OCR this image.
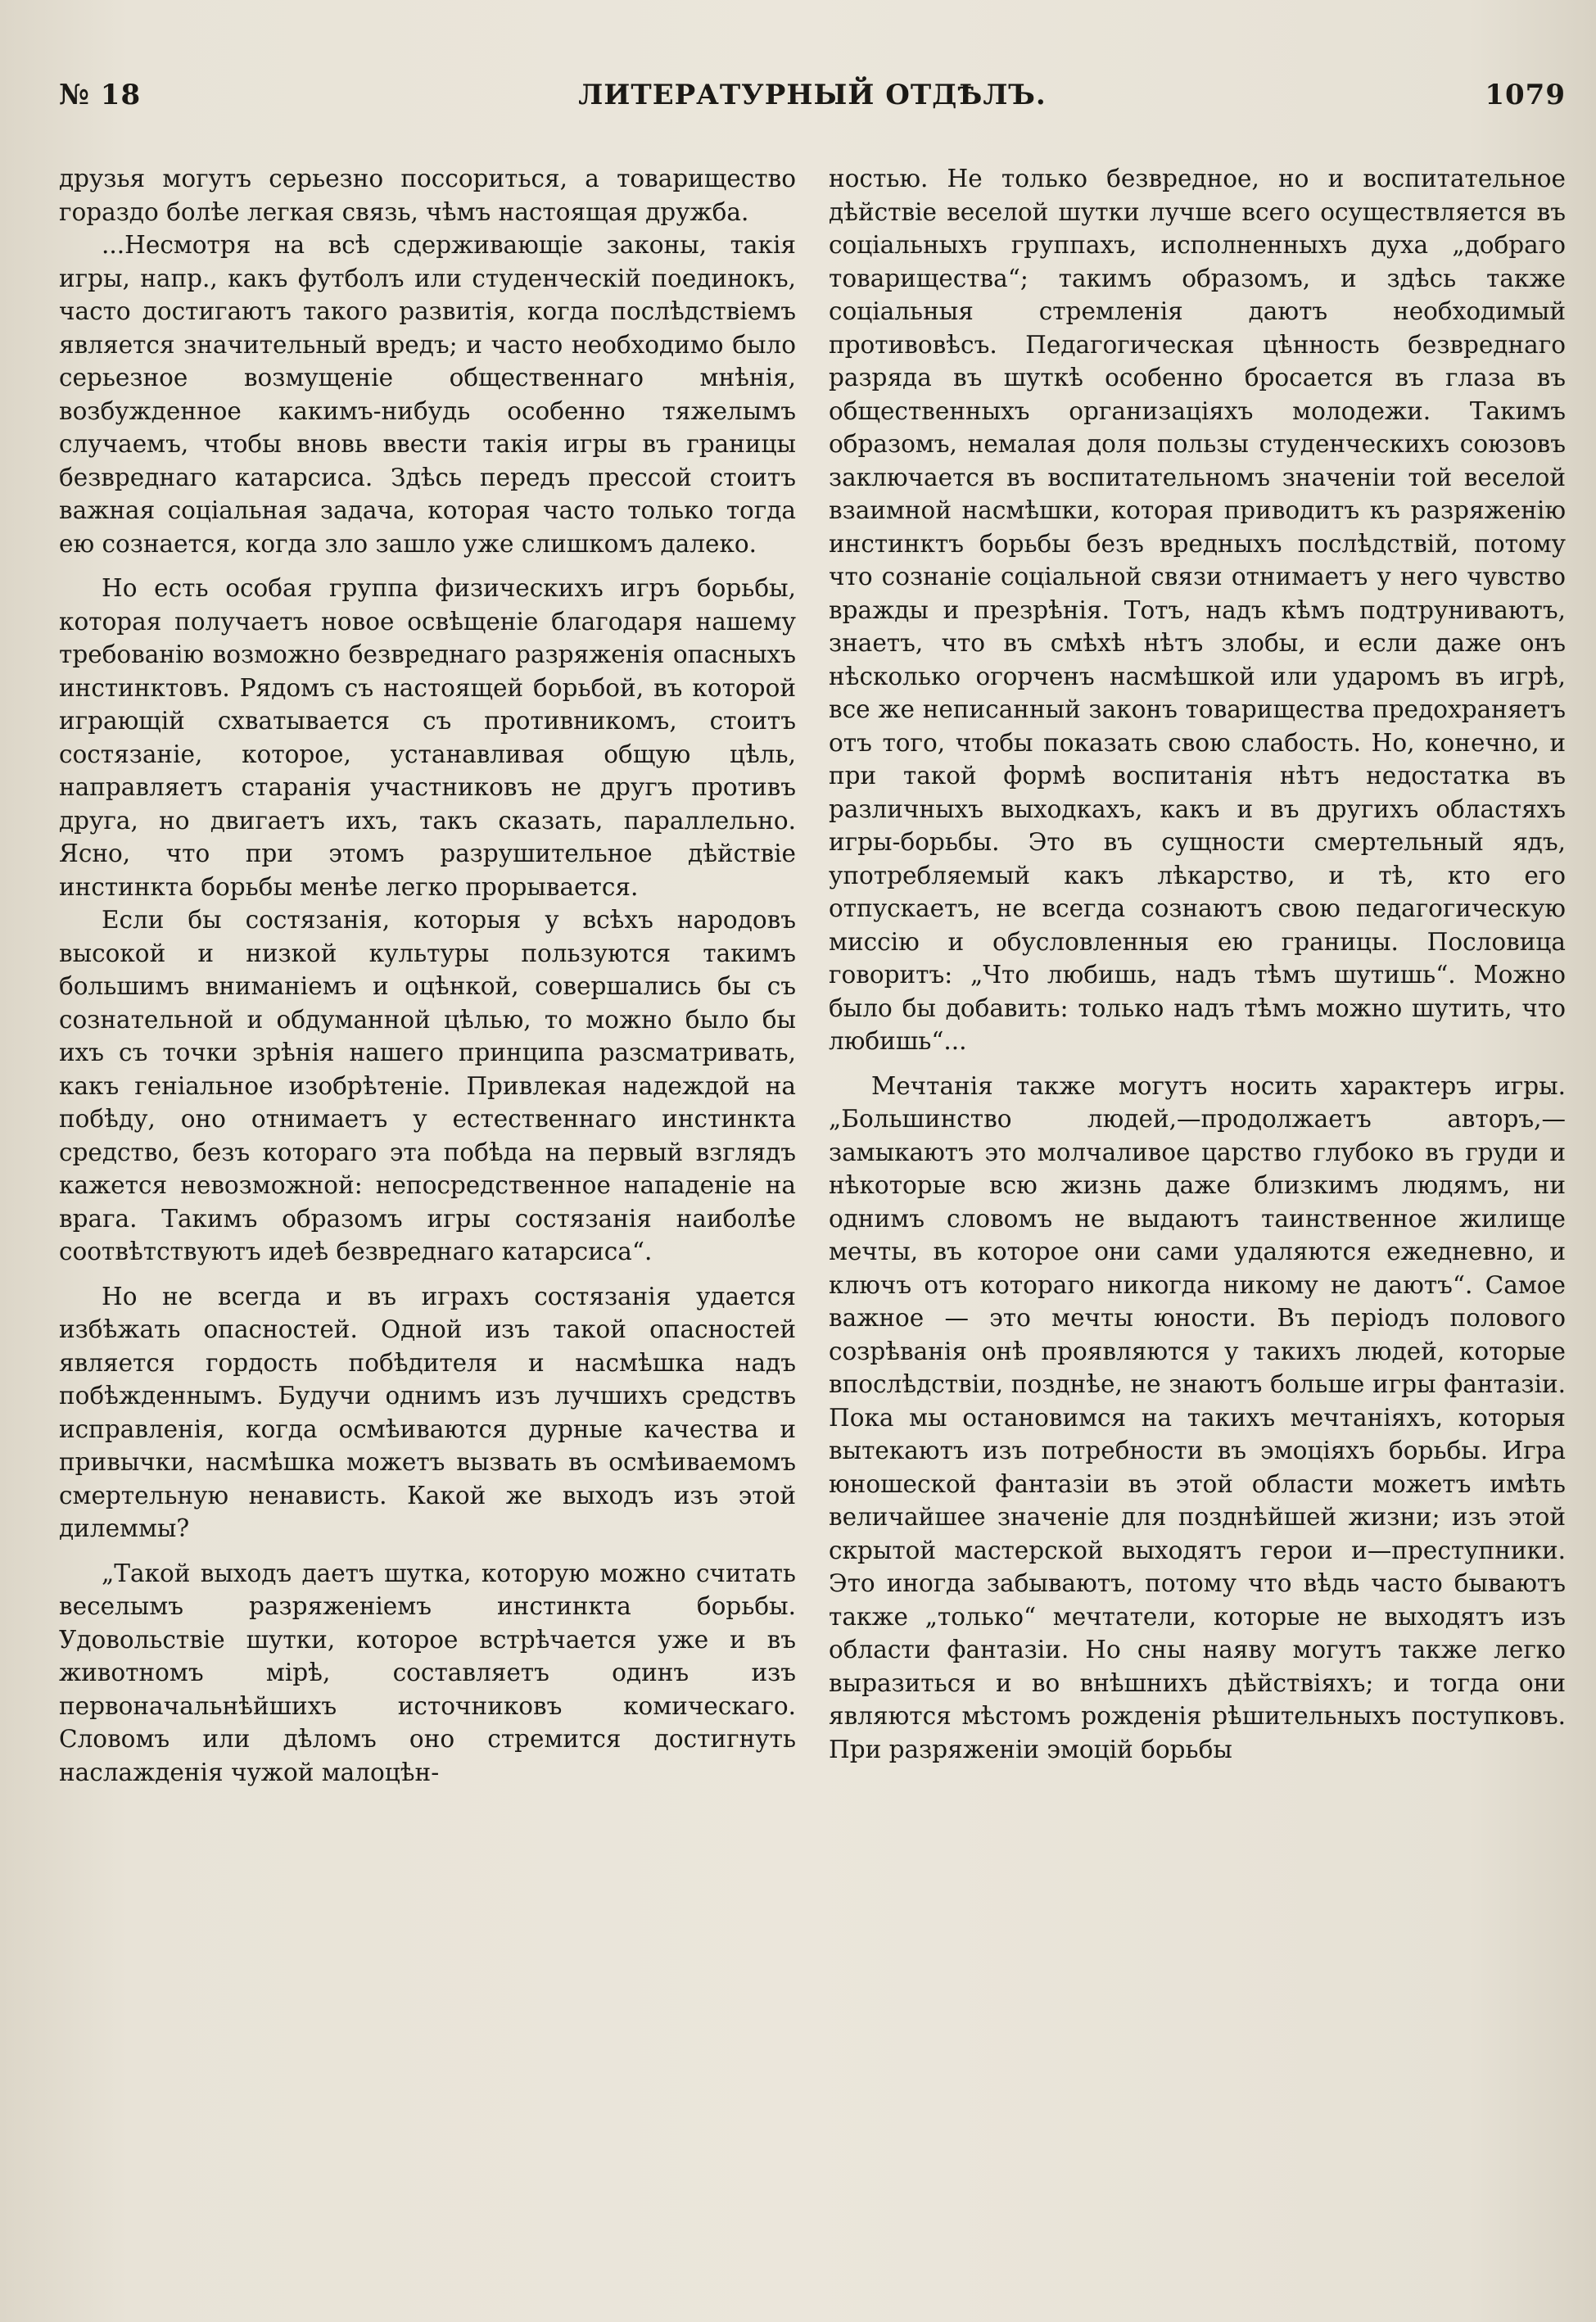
№ 18	ЛИТЕРАТУРНЫЙ ОТДѢЛЪ.	1079

друзья могутъ серьезно поссориться, а товарищество гораздо болѣе легкая связь, чѣмъ настоящая дружба.

...Несмотря на всѣ сдерживающіе законы, такія игры, напр., какъ футболъ или студенческій поединокъ, часто достигаютъ такого развитія, когда послѣдствіемъ является значительный вредъ; и часто необходимо было серьезное возмущеніе общественнаго мнѣнія, возбужденное какимъ-нибудь особенно тяжелымъ случаемъ, чтобы вновь ввести такія игры въ границы безвреднаго катарсиса. Здѣсь передъ прессой стоитъ важная соціальная задача, которая часто только тогда ею сознается, когда зло зашло уже слишкомъ далеко.

Но есть особая группа физическихъ игръ борьбы, которая получаетъ новое освѣщеніе благодаря нашему требованію возможно безвреднаго разряженія опасныхъ инстинктовъ. Рядомъ съ настоящей борьбой, въ которой играющій схватывается съ противникомъ, стоитъ состязаніе, которое, устанавливая общую цѣль, направляетъ старанія участниковъ не другъ противъ друга, но двигаетъ ихъ, такъ сказать, параллельно. Ясно, что при этомъ разрушительное дѣйствіе инстинкта борьбы менѣе легко прорывается.

Если бы состязанія, которыя у всѣхъ народовъ высокой и низкой культуры пользуются такимъ большимъ вниманіемъ и оцѣнкой, совершались бы съ сознательной и обдуманной цѣлью, то можно было бы ихъ съ точки зрѣнія нашего принципа разсматривать, какъ геніальное изобрѣтеніе. Привлекая надеждой на побѣду, оно отнимаетъ у естественнаго инстинкта средство, безъ котораго эта побѣда на первый взглядъ кажется невозможной: непосредственное нападеніе на врага. Такимъ образомъ игры состязанія наиболѣе соотвѣтствуютъ идеѣ безвреднаго катарсиса“.

Но не всегда и въ играхъ состязанія удается избѣжать опасностей. Одной изъ такой опасностей является гордость побѣдителя и насмѣшка надъ побѣжденнымъ. Будучи однимъ изъ лучшихъ средствъ исправленія, когда осмѣиваются дурные качества и привычки, насмѣшка можетъ вызвать въ осмѣиваемомъ смертельную ненависть. Какой же выходъ изъ этой дилеммы?

„Такой выходъ даетъ шутка, которую можно считать веселымъ разряженіемъ инстинкта борьбы. Удовольствіе шутки, которое встрѣчается уже и въ животномъ мірѣ, составляетъ одинъ изъ первоначальнѣйшихъ источниковъ комическаго. Словомъ или дѣломъ оно стремится достигнуть наслажденія чужой малоцѣн-

ностью. Не только безвредное, но и воспитательное дѣйствіе веселой шутки лучше всего осуществляется въ соціальныхъ группахъ, исполненныхъ духа „добраго товарищества“; такимъ образомъ, и здѣсь также соціальныя стремленія даютъ необходимый противовѣсъ. Педагогическая цѣнность безвреднаго разряда въ шуткѣ особенно бросается въ глаза въ общественныхъ организаціяхъ молодежи. Такимъ образомъ, немалая доля пользы студенческихъ союзовъ заключается въ воспитательномъ значеніи той веселой взаимной насмѣшки, которая приводитъ къ разряженію инстинктъ борьбы безъ вредныхъ послѣдствій, потому что сознаніе соціальной связи отнимаетъ у него чувство вражды и презрѣнія. Тотъ, надъ кѣмъ подтруниваютъ, знаетъ, что въ смѣхѣ нѣтъ злобы, и если даже онъ нѣсколько огорченъ насмѣшкой или ударомъ въ игрѣ, все же неписанный законъ товарищества предохраняетъ отъ того, чтобы показать свою слабость. Но, конечно, и при такой формѣ воспитанія нѣтъ недостатка въ различныхъ выходкахъ, какъ и въ другихъ областяхъ игры-борьбы. Это въ сущности смертельный ядъ, употребляемый какъ лѣкарство, и тѣ, кто его отпускаетъ, не всегда сознаютъ свою педагогическую миссію и обусловленныя ею границы. Пословица говоритъ: „Что любишь, надъ тѣмъ шутишь“. Можно было бы добавить: только надъ тѣмъ можно шутить, что любишь“...

Мечтанія также могутъ носить характеръ игры. „Большинство людей,—продолжаетъ авторъ,—замыкаютъ это молчаливое царство глубоко въ груди и нѣкоторые всю жизнь даже близкимъ людямъ, ни однимъ словомъ не выдаютъ таинственное жилище мечты, въ которое они сами удаляются ежедневно, и ключъ отъ котораго никогда никому не даютъ“. Самое важное — это мечты юности. Въ періодъ полового созрѣванія онѣ проявляются у такихъ людей, которые впослѣдствіи, позднѣе, не знаютъ больше игры фантазіи. Пока мы остановимся на такихъ мечтаніяхъ, которыя вытекаютъ изъ потребности въ эмоціяхъ борьбы. Игра юношеской фантазіи въ этой области можетъ имѣть величайшее значеніе для позднѣйшей жизни; изъ этой скрытой мастерской выходятъ герои и—преступники. Это иногда забываютъ, потому что вѣдь часто бываютъ также „только“ мечтатели, которые не выходятъ изъ области фантазіи. Но сны наяву могутъ также легко выразиться и во внѣшнихъ дѣйствіяхъ; и тогда они являются мѣстомъ рожденія рѣшительныхъ поступковъ. При разряженіи эмоцій борьбы
